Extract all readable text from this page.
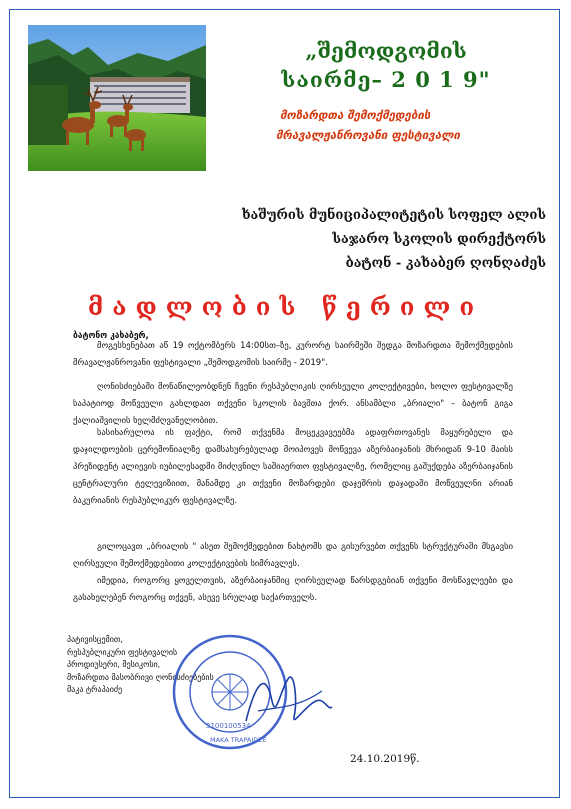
„შემოდგომის
საირმე– 2 0 1 9"
მოზარდთა შემოქმედების
მრავალჟანროვანი ფესტივალი
ხაშურის მუნიციპალიტეტის სოფელ ალის
საჯარო სკოლის დირექტორს
ბატონ - კახაბერ ღონღაძეს
მადლობის წერილი
ბატონო კახაბერ,
მოგესხენებათ აწ 19 ოქტომბერს 14:00სთ–ზე, კურორტ საირმეში შედგა მოზარდთა შემოქმედების მრავალჟანროვანი ფესტივალი „შემოდგომის საირმე - 2019".
ღონისძიებაში მონაწილეობდნენ ჩვენი რესპუბლიკის ღირსეული კოლექტივები, ხოლო ფესტივალზე საპატიოდ მოწვეული გახლდათ თქვენი სკოლის ბავშთა ქორ. ანსამბლი „ბრიალი" – ბატონ გიგა ქალიაშვილის ხელმძღვანელობით.
სასიხარულოა ის ფაქტი, რომ თქვენმა მოცეკვავეებმა ადაფრთოვანეს მაყურებელი და დაჯილდოების ცერემონიალზე დამსახურებულად მოიპოვეს მოწვევა აზერბაიჯანის მხრიდან 9-10 მაისს პრეზიდენტ ალიევის იუბილესადმი მიძღვნილ საშიაერთო ფესტივალზე, რომელიც გაშუქდება აზერბაიჯანის ცენტრალური ტელევიზიით, მანამდე კი თქვენი მოზარდები დაჯეშრის დაჯადაში მოწვეულნი არიან ბაკურიანის რესპუბლიკურ ფესტივალზე.
გილოცავთ „ბრიალის " ასეთ შემოქმედებით ნახტომს და გისურვებთ თქვენს სტრუქტურაში მსგავსი ღირსეული შემოქმედებითი კოლექტივების სიმრავლეს.
იმედია, როგორც ყოველთვის, აზერბაიჯანშიც ღირსეულად წარსდგებიან თქვენი მოსწავლეები და გასახელებენ როგორც თქვენ, ასევე სრულად საქართველს.
პატივისცემით,
რესპუბლიკური ფესტივალის
პროდიუსერი, მესიკოსი,
მოზარდთა მასობრივი ღონისძიებების
მაკა ტრაპაიძე
3100100534
MAKA TRAPAIDZE
24.10.2019წ.
